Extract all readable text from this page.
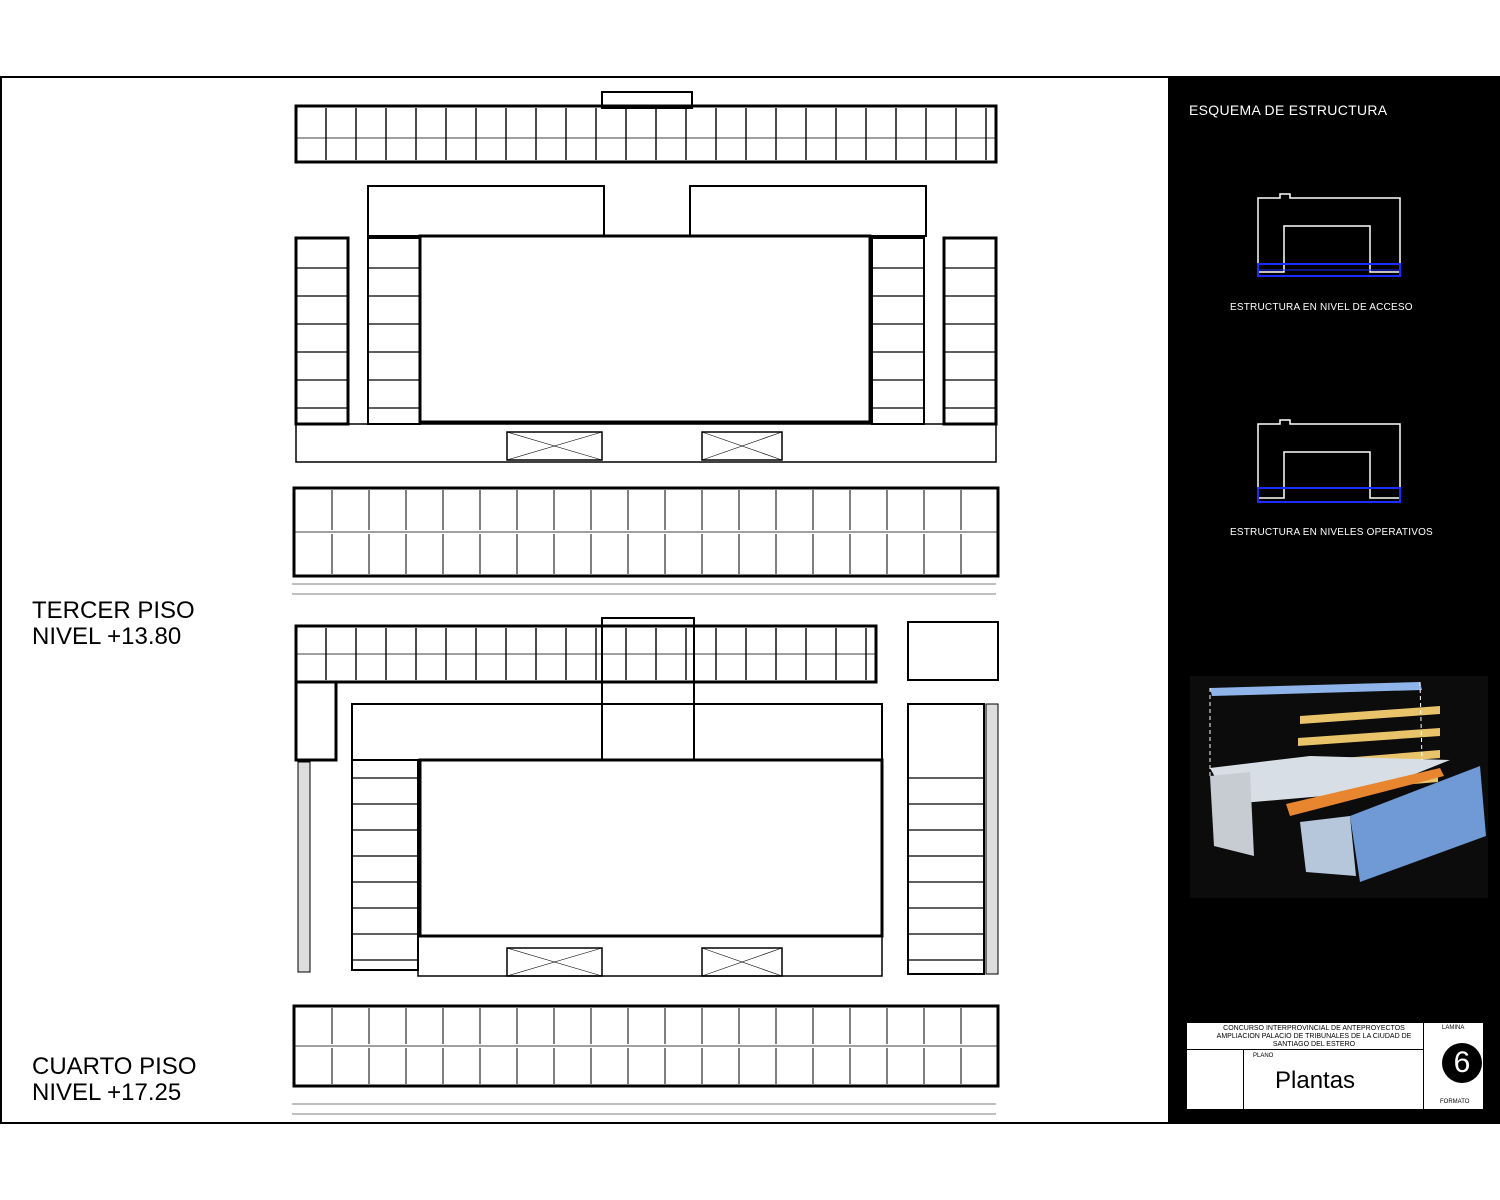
TERCER PISO
NIVEL +13.80
CUARTO PISO
NIVEL +17.25
ESQUEMA DE ESTRUCTURA
ESTRUCTURA EN NIVEL DE ACCESO
ESTRUCTURA EN NIVELES OPERATIVOS
CONCURSO INTERPROVINCIAL DE ANTEPROYECTOS AMPLIACION PALACIO DE TRIBUNALES DE LA CIUDAD DE SANTIAGO DEL ESTERO
PLANO
Plantas
LAMINA
6
FORMATO
